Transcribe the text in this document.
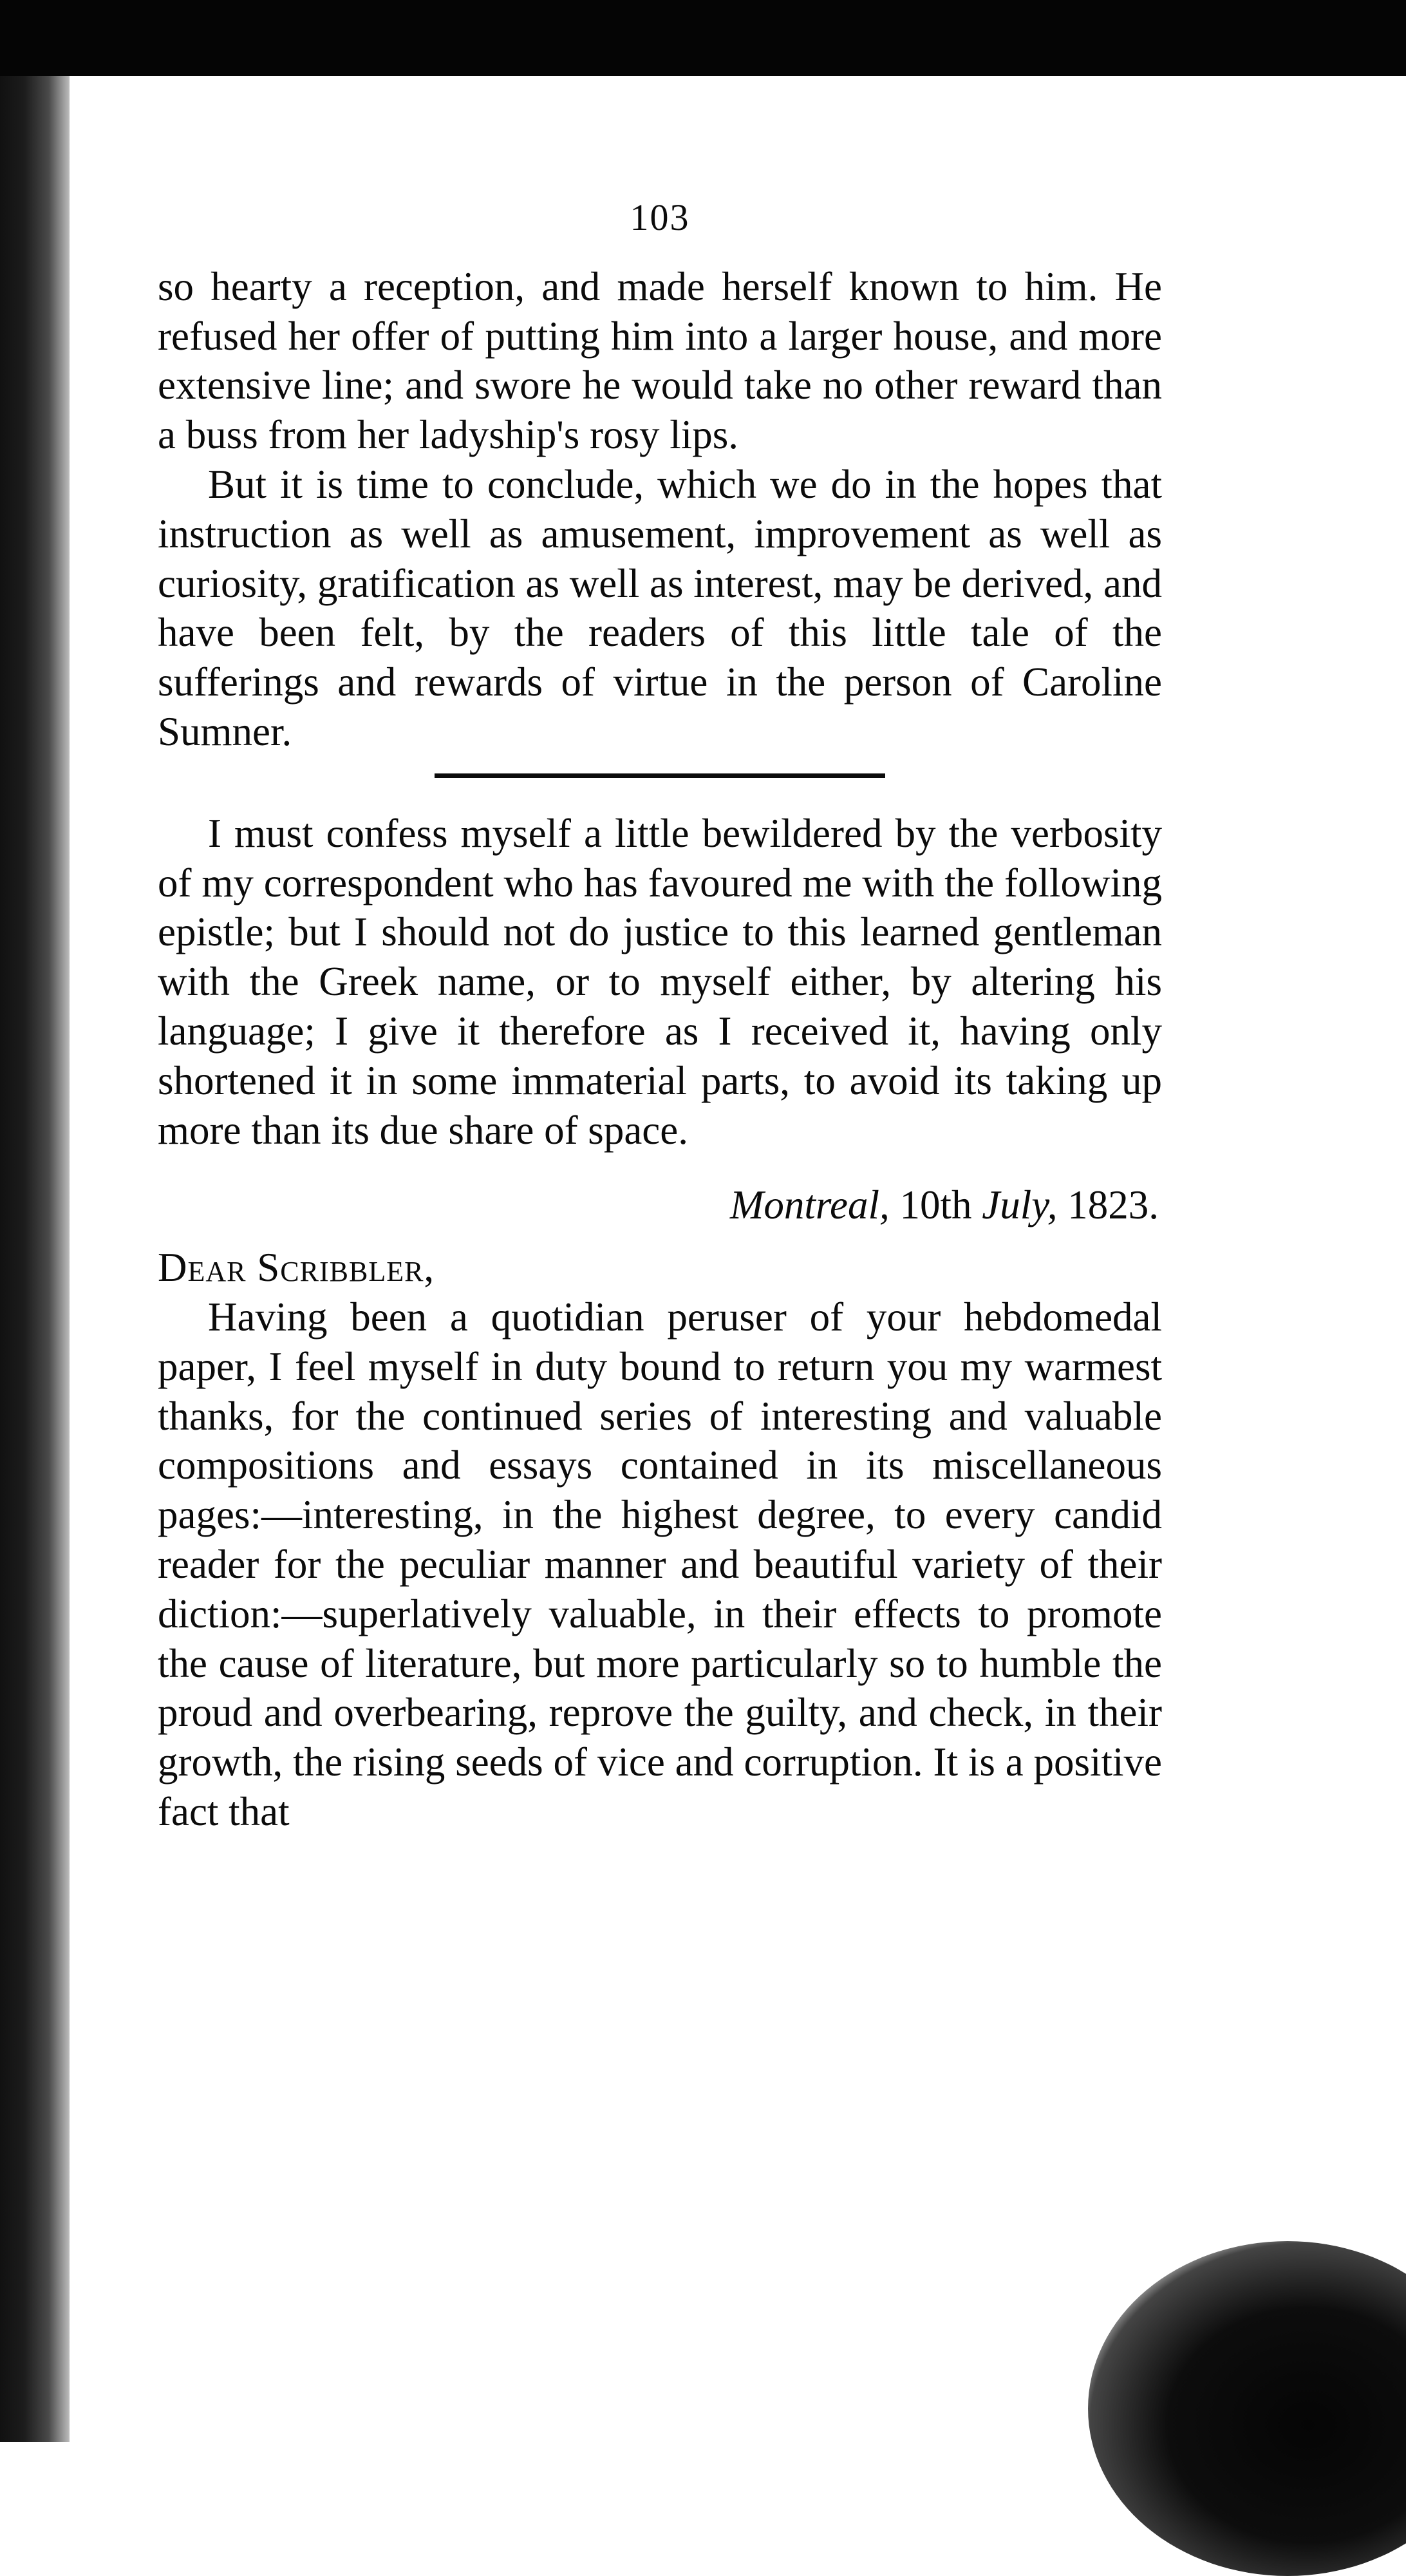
103

so hearty a reception, and made herself known to him. He refused her offer of putting him into a larger house, and more extensive line; and swore he would take no other reward than a buss from her ladyship's rosy lips.

But it is time to conclude, which we do in the hopes that instruction as well as amusement, improvement as well as curiosity, gratification as well as interest, may be derived, and have been felt, by the readers of this little tale of the sufferings and rewards of virtue in the person of Caroline Sumner.

I must confess myself a little bewildered by the verbosity of my correspondent who has favoured me with the following epistle; but I should not do justice to this learned gentleman with the Greek name, or to myself either, by altering his language; I give it therefore as I received it, having only shortened it in some immaterial parts, to avoid its taking up more than its due share of space.

Montreal, 10th July, 1823.

Dear Scribbler,

Having been a quotidian peruser of your hebdomedal paper, I feel myself in duty bound to return you my warmest thanks, for the continued series of interesting and valuable compositions and essays contained in its miscellaneous pages:—interesting, in the highest degree, to every candid reader for the peculiar manner and beautiful variety of their diction:—superlatively valuable, in their effects to promote the cause of literature, but more particularly so to humble the proud and overbearing, reprove the guilty, and check, in their growth, the rising seeds of vice and corruption. It is a positive fact that
